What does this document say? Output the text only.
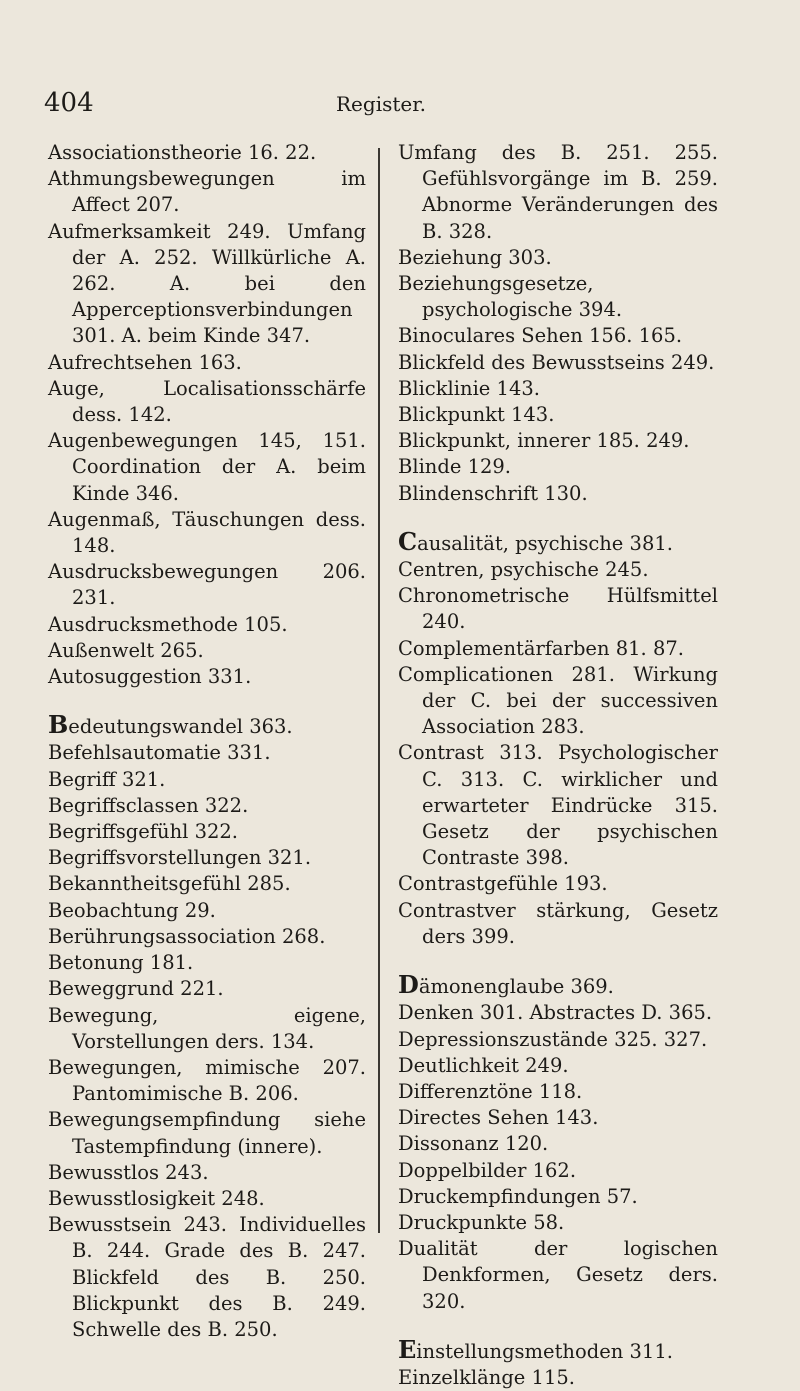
404	Register.

Associationstheorie 16. 22.

Athmungsbewegungen im Affect 207.

Aufmerksamkeit 249. Umfang der A. 252. Willkürliche A. 262. A. bei den Apperceptionsverbindungen 301. A. beim Kinde 347.

Aufrechtsehen 163.

Auge, Localisationsschärfe dess. 142.

Augenbewegungen 145, 151. Coordination der A. beim Kinde 346.

Augenmaß, Täuschungen dess. 148.

Ausdrucksbewegungen 206. 231.

Ausdrucksmethode 105.

Außenwelt 265.

Autosuggestion 331.

Bedeutungswandel 363.

Befehlsautomatie 331.

Begriff 321.

Begriffsclassen 322.

Begriffsgefühl 322.

Begriffsvorstellungen 321.

Bekanntheitsgefühl 285.

Beobachtung 29.

Berührungsassociation 268.

Betonung 181.

Beweggrund 221.

Bewegung, eigene, Vorstellungen ders. 134.

Bewegungen, mimische 207. Pantomimische B. 206.

Bewegungsempfindung siehe Tastempfindung (innere).

Bewusstlos 243.

Bewusstlosigkeit 248.

Bewusstsein 243. Individuelles B. 244. Grade des B. 247. Blickfeld des B. 250. Blickpunkt des B. 249. Schwelle des B. 250.

Umfang des B. 251. 255. Gefühlsvorgänge im B. 259. Abnorme Veränderungen des B. 328.

Beziehung 303.

Beziehungsgesetze, psychologische 394.

Binoculares Sehen 156. 165.

Blickfeld des Bewusstseins 249.

Blicklinie 143.

Blickpunkt 143.

Blickpunkt, innerer 185. 249.

Blinde 129.

Blindenschrift 130.

Causalität, psychische 381.

Centren, psychische 245.

Chronometrische Hülfsmittel 240.

Complementärfarben 81. 87.

Complicationen 281. Wirkung der C. bei der successiven Association 283.

Contrast 313. Psychologischer C. 313. C. wirklicher und erwarteter Eindrücke 315. Gesetz der psychischen Contraste 398.

Contrastgefühle 193.

Contrastver stärkung, Gesetz ders 399.

Dämonenglaube 369.

Denken 301. Abstractes D. 365.

Depressionszustände 325. 327.

Deutlichkeit 249.

Differenztöne 118.

Directes Sehen 143.

Dissonanz 120.

Doppelbilder 162.

Druckempfindungen 57.

Druckpunkte 58.

Dualität der logischen Denkformen, Gesetz ders. 320.

Einstellungsmethoden 311.

Einzelklänge 115.
